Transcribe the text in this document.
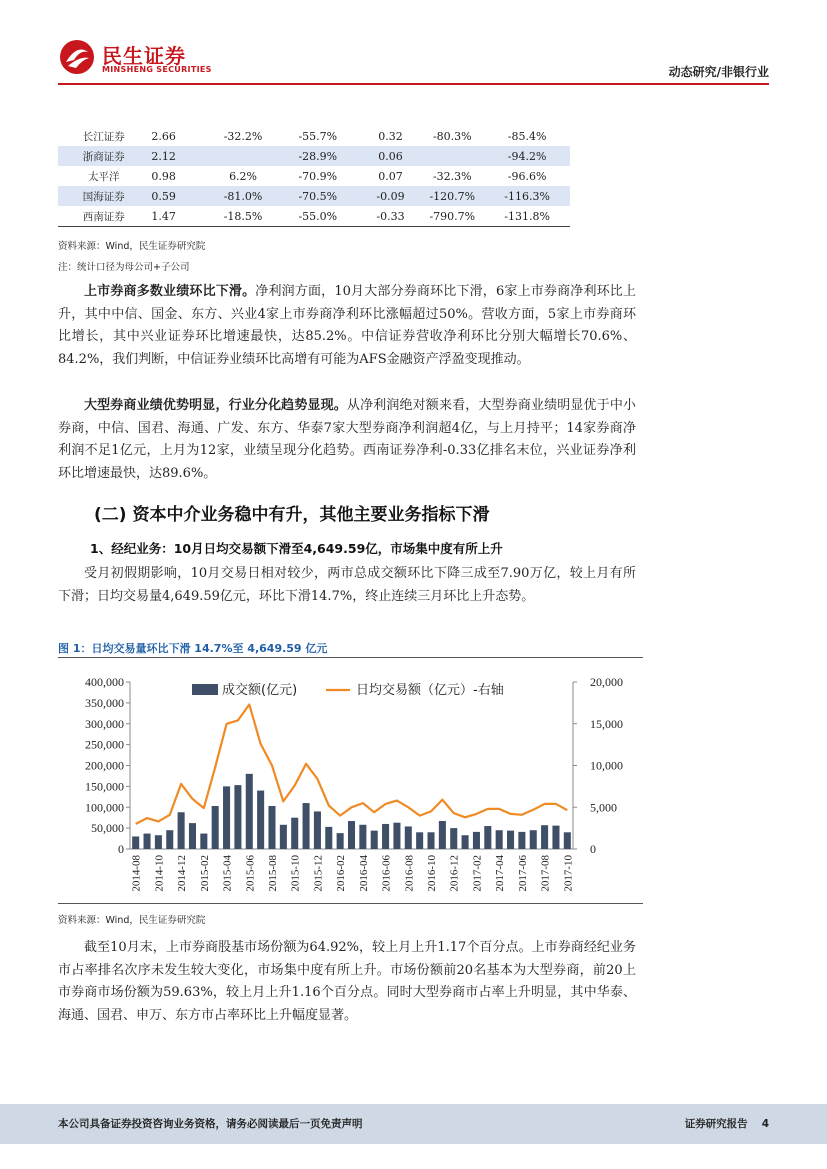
民生证券
MINSHENG SECURITIES	动态研究/非银行业
长江证券	2.66	-32.2%	-55.7%	0.32	-80.3%	-85.4%
浙商证券	2.12		-28.9%	0.06		-94.2%
太平洋	0.98	6.2%	-70.9%	0.07	-32.3%	-96.6%
国海证券	0.59	-81.0%	-70.5%	-0.09	-120.7%	-116.3%
西南证券	1.47	-18.5%	-55.0%	-0.33	-790.7%	-131.8%
资料来源：Wind，民生证券研究院
注：统计口径为母公司+子公司

上市券商多数业绩环比下滑。净利润方面，10月大部分券商环比下滑，6家上市券商净利环比上升，其中中信、国金、东方、兴业4家上市券商净利环比涨幅超过50%。营收方面，5家上市券商环比增长，其中兴业证券环比增速最快，达85.2%。中信证券营收净利环比分别大幅增长70.6%、84.2%，我们判断，中信证券业绩环比高增有可能为AFS金融资产浮盈变现推动。

大型券商业绩优势明显，行业分化趋势显现。从净利润绝对额来看，大型券商业绩明显优于中小券商，中信、国君、海通、广发、东方、华泰7家大型券商净利润超4亿，与上月持平；14家券商净利润不足1亿元，上月为12家，业绩呈现分化趋势。西南证券净利-0.33亿排名末位，兴业证券净利环比增速最快，达89.6%。

(二) 资本中介业务稳中有升，其他主要业务指标下滑
1、经纪业务：10月日均交易额下滑至4,649.59亿，市场集中度有所上升

受月初假期影响，10月交易日相对较少，两市总成交额环比下降三成至7.90万亿，较上月有所下滑；日均交易量4,649.59亿元，环比下滑14.7%，终止连续三月环比上升态势。

图 1：日均交易量环比下滑 14.7%至 4,649.59 亿元
400,000
350,000
300,000
250,000
200,000
150,000
100,000
50,000
0
20,000
15,000
10,000
5,000
0
2014-08 2014-10 2014-12 2015-02 2015-04 2015-06 2015-08 2015-10 2015-12 2016-02 2016-04 2016-06 2016-08 2016-10 2016-12 2017-02 2017-04 2017-06 2017-08 2017-10
成交额(亿元)	日均交易额（亿元）-右轴
资料来源：Wind，民生证券研究院

截至10月末，上市券商股基市场份额为64.92%，较上月上升1.17个百分点。上市券商经纪业务市占率排名次序未发生较大变化，市场集中度有所上升。市场份额前20名基本为大型券商，前20上市券商市场份额为59.63%，较上月上升1.16个百分点。同时大型券商市占率上升明显，其中华泰、海通、国君、申万、东方市占率环比上升幅度显著。

本公司具备证券投资咨询业务资格，请务必阅读最后一页免责声明	证券研究报告 4
